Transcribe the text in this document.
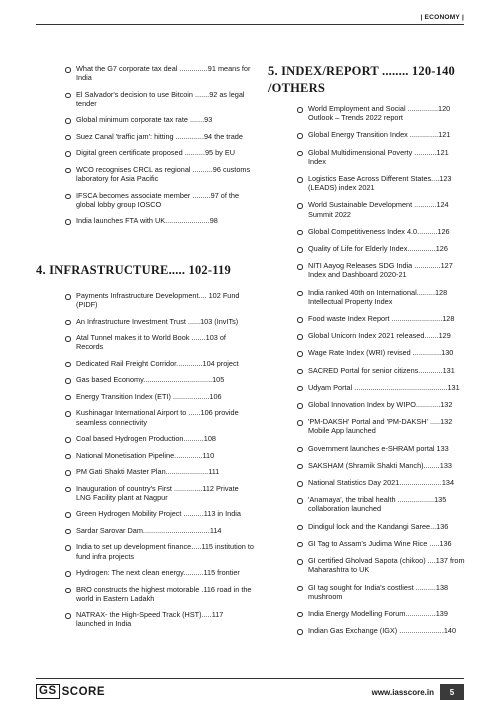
| ECONOMY |
What the G7 corporate tax deal ..............91 means for India
El Salvador's decision to use Bitcoin .......92 as legal tender
Global minimum corporate tax rate .......93
Suez Canal 'traffic jam': hitting ..............94 the trade
Digital green certificate proposed ..........95 by EU
WCO recognises CRCL as regional ..........96 customs laboratory for Asia Pacific
IFSCA becomes associate member .........97 of the global lobby group IOSCO
India launches FTA with UK......................98
4. INFRASTRUCTURE..... 102-119
Payments Infrastructure Development.... 102 Fund (PIDF)
An Infrastructure Investment Trust ......103 (InvITs)
Atal Tunnel makes it to World Book .......103 of Records
Dedicated Rail Freight Corridor.............104 project
Gas based Economy..................................105
Energy Transition Index (ETI) ..................106
Kushinagar International Airport to ......106 provide seamless connectivity
Coal based Hydrogen Production..........108
National Monetisation Pipeline..............110
PM Gati Shakti Master Plan.....................111
Inauguration of country's First ..............112 Private LNG Facility plant at Nagpur
Green Hydrogen Mobility Project ..........113 in India
Sardar Sarovar Dam.................................114
India to set up development finance.....115 institution to fund infra projects
Hydrogen: The next clean energy..........115 frontier
BRO constructs the highest motorable .116 road in the world in Eastern Ladakh
NATRAX- the High-Speed Track (HST).....117 launched in India
5. INDEX/REPORT ........ 120-140 /OTHERS
World Employment and Social ...............120 Outlook – Trends 2022 report
Global Energy Transition Index ..............121
Global Multidimensional Poverty ...........121 Index
Logistics Ease Across Different States....123 (LEADS) index 2021
World Sustainable Development ...........124 Summit 2022
Global Competitiveness Index 4.0..........126
Quality of Life for Elderly Index..............126
NITI Aayog Releases SDG India .............127 Index and Dashboard 2020-21
India ranked 40th on International.........128 Intellectual Property Index
Food waste Index Report .........................128
Global Unicorn Index 2021 released.......129
Wage Rate Index (WRI) revised ..............130
SACRED Portal for senior citizens............131
Udyam Portal ..............................................131
Global Innovation Index by WIPO............132
'PM-DAKSH' Portal and 'PM-DAKSH' .....132 Mobile App launched
Government launches e-SHRAM portal 133
SAKSHAM (Shramik Shakti Manch)........133
National Statistics Day 2021.....................134
'Anamaya', the tribal health ..................135 collaboration launched
Dindigul lock and the Kandangi Saree...136
GI Tag to Assam's Judima Wine Rice .....136
GI certified Gholvad Sapota (chikoo) ....137 from Maharashtra to UK
GI tag sought for India's costliest ..........138 mushroom
India Energy Modelling Forum...............139
Indian Gas Exchange (IGX) ......................140
GS SCORE	www.iasscore.in	5
